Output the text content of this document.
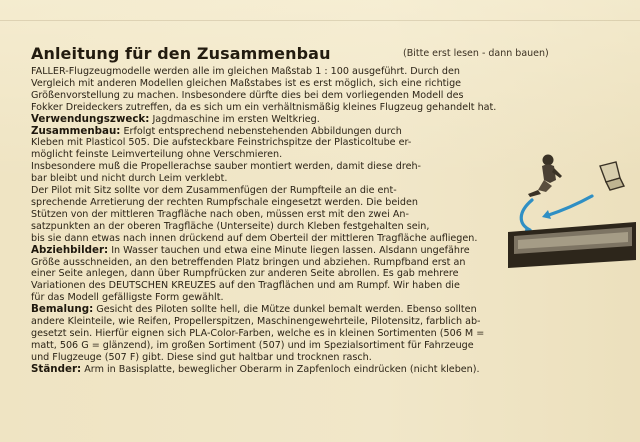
Anleitung für den Zusammenbau	(Bitte erst lesen - dann bauen)
FALLER-Flugzeugmodelle werden alle im gleichen Maßstab 1 : 100 ausgeführt. Durch den
Vergleich mit anderen Modellen gleichen Maßstabes ist es erst möglich, sich eine richtige
Größenvorstellung zu machen. Insbesondere dürfte dies bei dem vorliegenden Modell des
Fokker Dreideckers zutreffen, da es sich um ein verhältnismäßig kleines Flugzeug gehandelt hat.
Verwendungszweck: Jagdmaschine im ersten Weltkrieg.
Zusammenbau: Erfolgt entsprechend nebenstehenden Abbildungen durch
Kleben mit Plasticol 505. Die aufsteckbare Feinstrichspitze der Plasticoltube er-
möglicht feinste Leimverteilung ohne Verschmieren.
Insbesondere muß die Propellerachse sauber montiert werden, damit diese dreh-
bar bleibt und nicht durch Leim verklebt.
Der Pilot mit Sitz sollte vor dem Zusammenfügen der Rumpfteile an die ent-
sprechende Arretierung der rechten Rumpfschale eingesetzt werden. Die beiden
Stützen von der mittleren Tragfläche nach oben, müssen erst mit den zwei An-
satzpunkten an der oberen Tragfläche (Unterseite) durch Kleben festgehalten sein,
bis sie dann etwas nach innen drückend auf dem Oberteil der mittleren Tragfläche aufliegen.
Abziehbilder: In Wasser tauchen und etwa eine Minute liegen lassen. Alsdann ungefähre
Größe ausschneiden, an den betreffenden Platz bringen und abziehen. Rumpfband erst an
einer Seite anlegen, dann über Rumpfrücken zur anderen Seite abrollen. Es gab mehrere
Variationen des DEUTSCHEN KREUZES auf den Tragflächen und am Rumpf. Wir haben die
für das Modell gefälligste Form gewählt.
Bemalung: Gesicht des Piloten sollte hell, die Mütze dunkel bemalt werden. Ebenso sollten
andere Kleinteile, wie Reifen, Propellerspitzen, Maschinengewehrteile, Pilotensitz, farblich ab-
gesetzt sein. Hierfür eignen sich PLA-Color-Farben, welche es in kleinen Sortimenten (506 M =
matt, 506 G = glänzend), im großen Sortiment (507) und im Spezialsortiment für Fahrzeuge
und Flugzeuge (507 F) gibt. Diese sind gut haltbar und trocknen rasch.
Ständer: Arm in Basisplatte, beweglicher Oberarm in Zapfenloch eindrücken (nicht kleben).
